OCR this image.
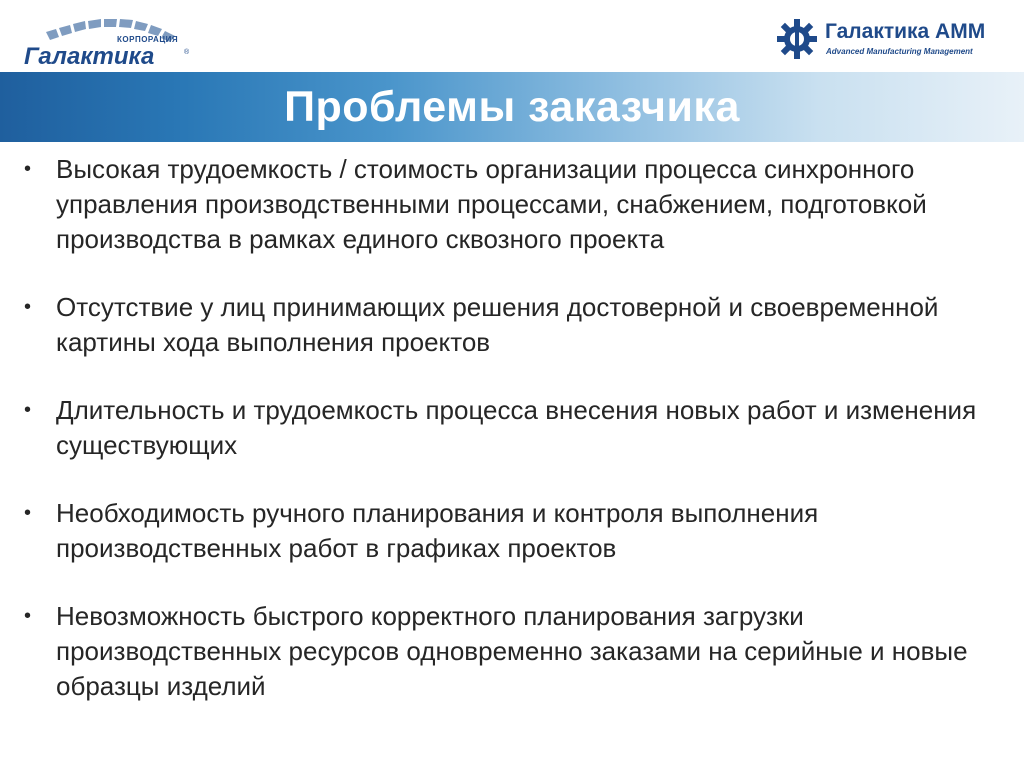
КОРПОРАЦИЯ
Галактика	®
Галактика АММ
Advanced Manufacturing Management
Проблемы заказчика
• Высокая трудоемкость / стоимость организации процесса синхронного управления производственными процессами, снабжением, подготовкой производства в рамках единого сквозного проекта
• Отсутствие у лиц принимающих решения достоверной и своевременной картины хода выполнения проектов
• Длительность и трудоемкость процесса внесения новых работ и изменения существующих
• Необходимость ручного планирования и контроля выполнения производственных работ в графиках проектов
• Невозможность быстрого корректного планирования загрузки производственных ресурсов одновременно заказами на серийные и новые образцы изделий
